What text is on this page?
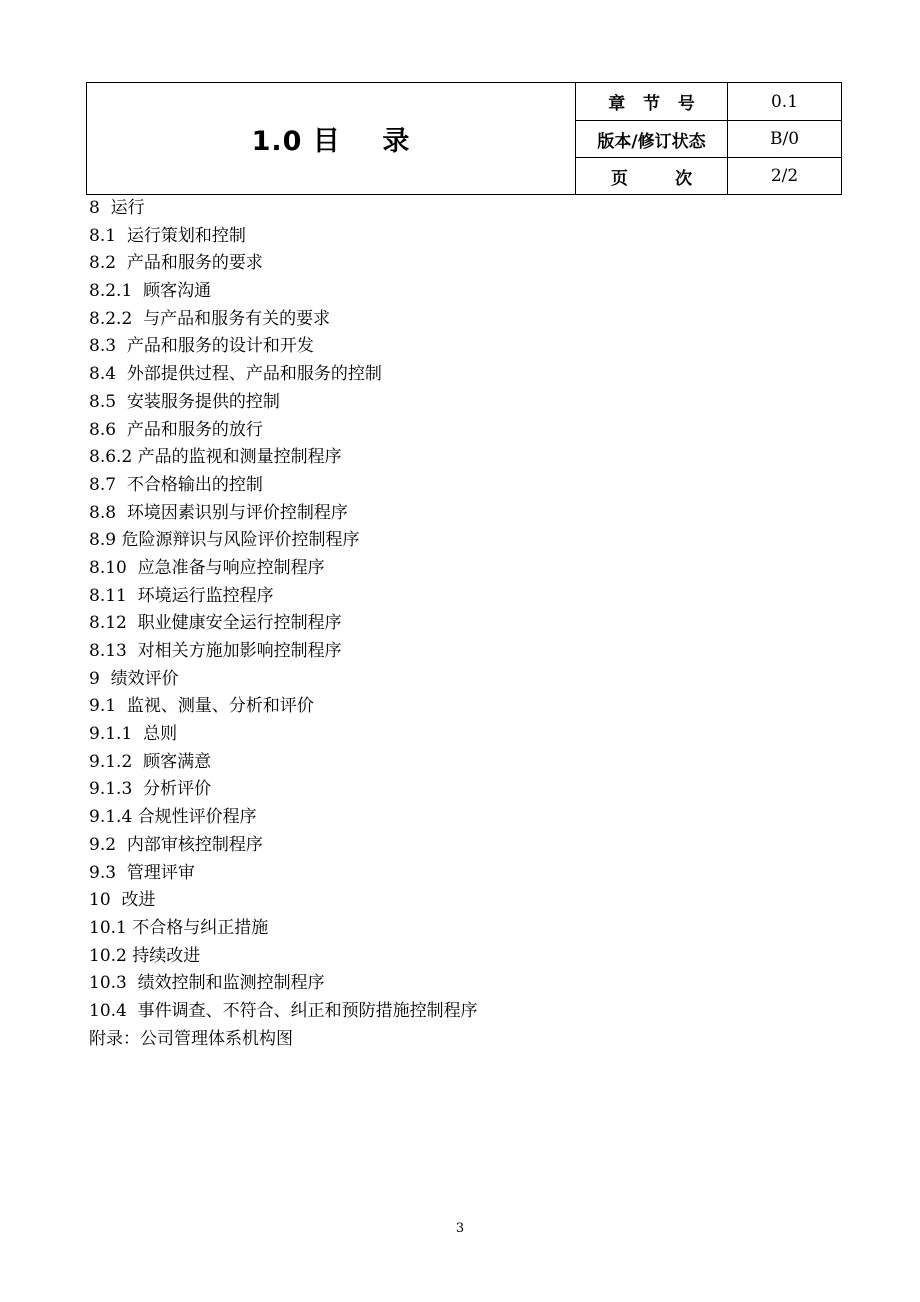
1.0 目    录	章   节   号	0.1
	版本/修订状态	B/0
	页        次	2/2
8  运行
8.1  运行策划和控制
8.2  产品和服务的要求
8.2.1  顾客沟通
8.2.2  与产品和服务有关的要求
8.3  产品和服务的设计和开发
8.4  外部提供过程、产品和服务的控制
8.5  安装服务提供的控制
8.6  产品和服务的放行
8.6.2 产品的监视和测量控制程序
8.7  不合格输出的控制
8.8  环境因素识别与评价控制程序
8.9 危险源辩识与风险评价控制程序
8.10  应急准备与响应控制程序
8.11  环境运行监控程序
8.12  职业健康安全运行控制程序
8.13  对相关方施加影响控制程序
9  绩效评价
9.1  监视、测量、分析和评价
9.1.1  总则
9.1.2  顾客满意
9.1.3  分析评价
9.1.4 合规性评价程序
9.2  内部审核控制程序
9.3  管理评审
10  改进
10.1 不合格与纠正措施
10.2 持续改进
10.3  绩效控制和监测控制程序
10.4  事件调查、不符合、纠正和预防措施控制程序
附录：公司管理体系机构图
3
